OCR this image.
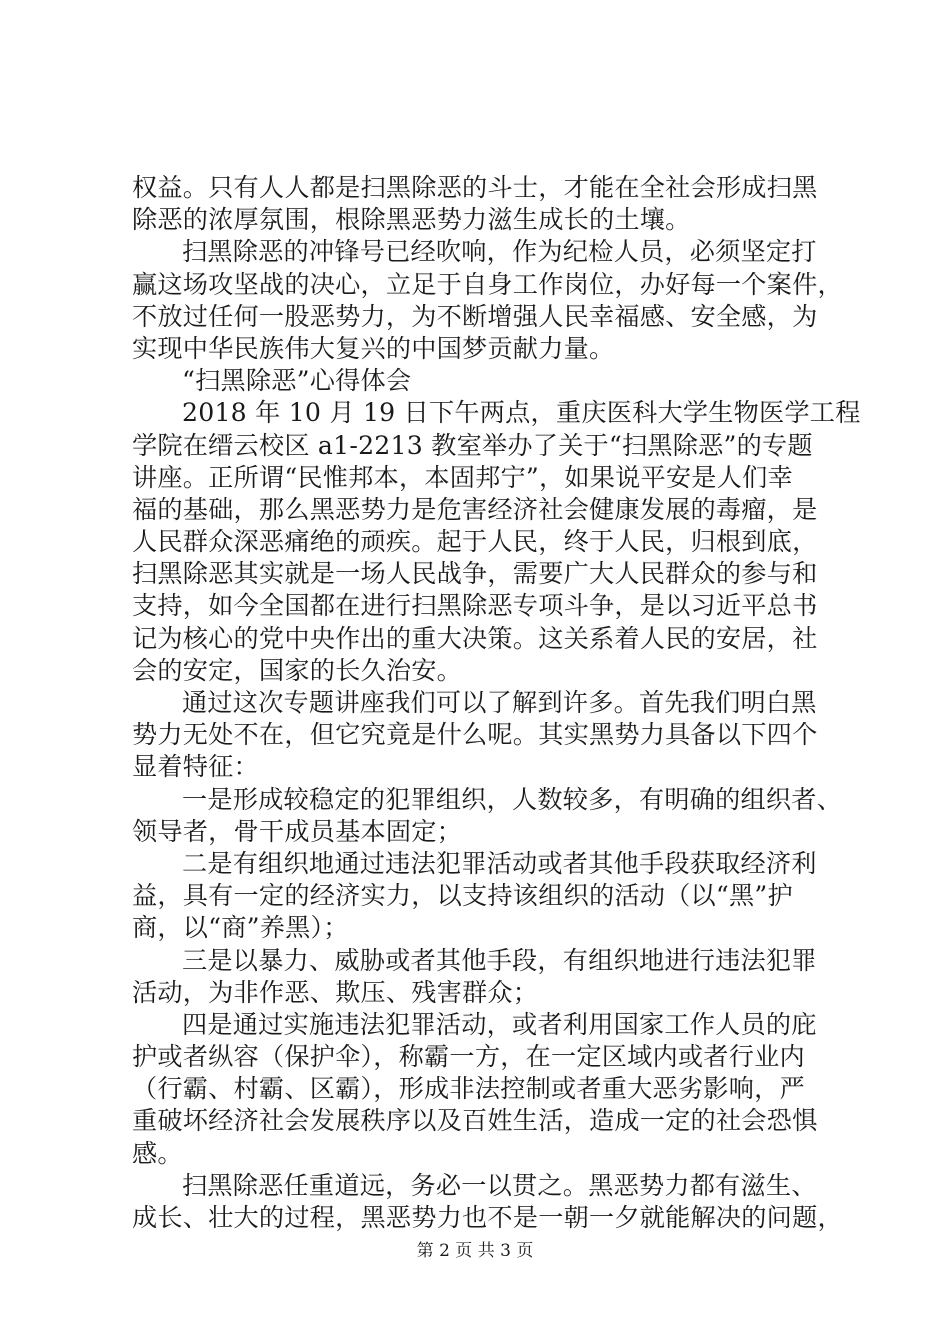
权益。只有人人都是扫黑除恶的斗士，才能在全社会形成扫黑
除恶的浓厚氛围，根除黑恶势力滋生成长的土壤。
扫黑除恶的冲锋号已经吹响，作为纪检人员，必须坚定打
赢这场攻坚战的决心，立足于自身工作岗位，办好每一个案件，
不放过任何一股恶势力，为不断增强人民幸福感、安全感，为
实现中华民族伟大复兴的中国梦贡献力量。
“扫黑除恶”心得体会
2018 年 10 月 19 日下午两点，重庆医科大学生物医学工程
学院在缙云校区 a1-2213 教室举办了关于“扫黑除恶”的专题
讲座。正所谓“民惟邦本，本固邦宁”，如果说平安是人们幸
福的基础，那么黑恶势力是危害经济社会健康发展的毒瘤，是
人民群众深恶痛绝的顽疾。起于人民，终于人民，归根到底，
扫黑除恶其实就是一场人民战争，需要广大人民群众的参与和
支持，如今全国都在进行扫黑除恶专项斗争，是以习近平总书
记为核心的党中央作出的重大决策。这关系着人民的安居，社
会的安定，国家的长久治安。
通过这次专题讲座我们可以了解到许多。首先我们明白黑
势力无处不在，但它究竟是什么呢。其实黑势力具备以下四个
显着特征：
一是形成较稳定的犯罪组织，人数较多，有明确的组织者、
领导者，骨干成员基本固定；
二是有组织地通过违法犯罪活动或者其他手段获取经济利
益，具有一定的经济实力，以支持该组织的活动（以“黑”护
商，以“商”养黑）；
三是以暴力、威胁或者其他手段，有组织地进行违法犯罪
活动，为非作恶、欺压、残害群众；
四是通过实施违法犯罪活动，或者利用国家工作人员的庇
护或者纵容（保护伞），称霸一方，在一定区域内或者行业内
（行霸、村霸、区霸），形成非法控制或者重大恶劣影响，严
重破坏经济社会发展秩序以及百姓生活，造成一定的社会恐惧
感。
扫黑除恶任重道远，务必一以贯之。黑恶势力都有滋生、
成长、壮大的过程，黑恶势力也不是一朝一夕就能解决的问题，
第 2 页 共 3 页
